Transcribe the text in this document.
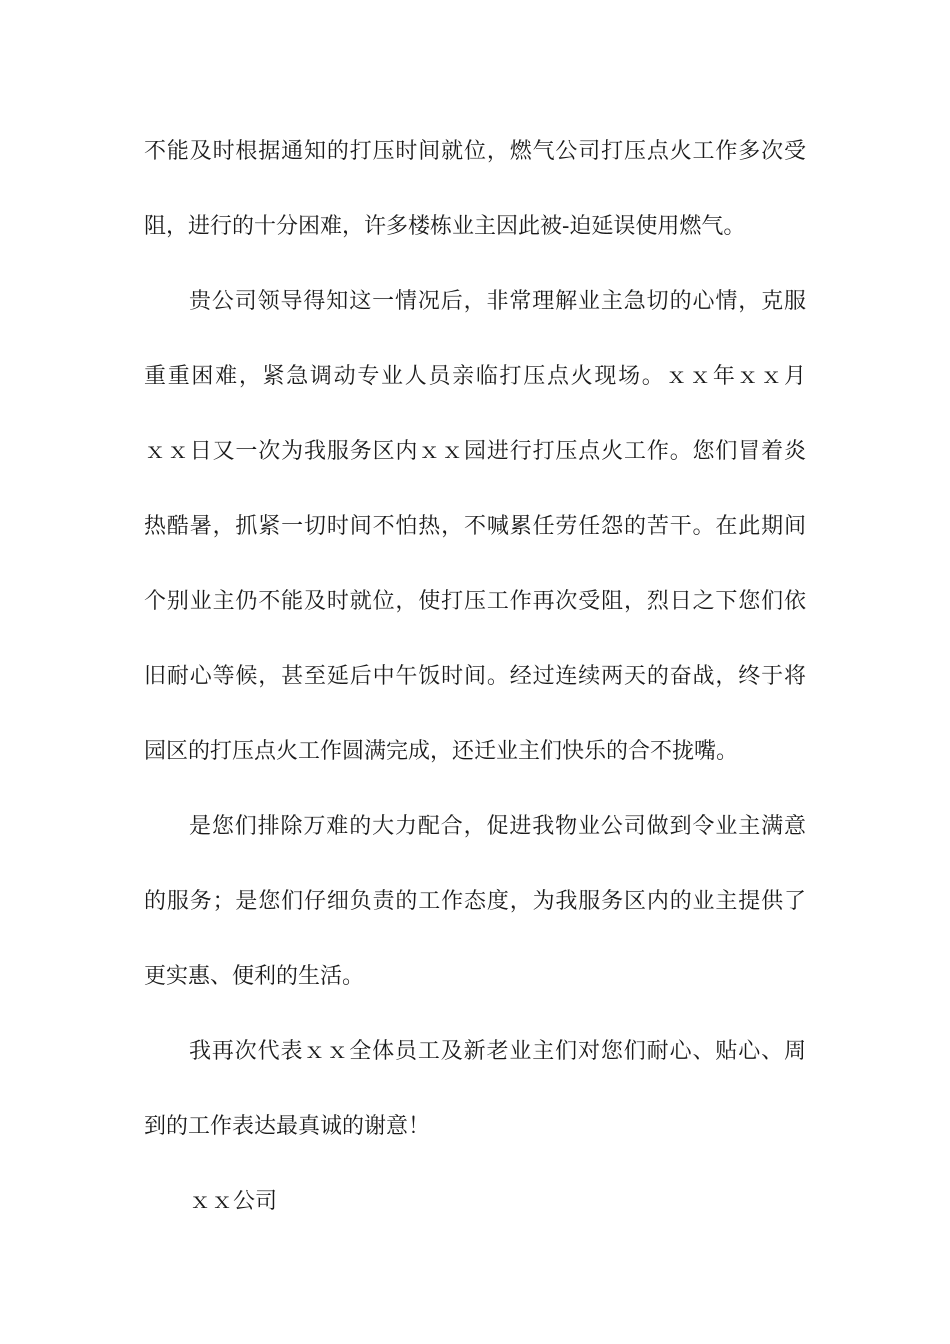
不能及时根据通知的打压时间就位，燃气公司打压点火工作多次受

阻，进行的十分困难，许多楼栋业主因此被-迫延误使用燃气。

贵公司领导得知这一情况后，非常理解业主急切的心情，克服

重重困难，紧急调动专业人员亲临打压点火现场。ｘｘ年ｘｘ月

ｘｘ日又一次为我服务区内ｘｘ园进行打压点火工作。您们冒着炎

热酷暑，抓紧一切时间不怕热，不喊累任劳任怨的苦干。在此期间

个别业主仍不能及时就位，使打压工作再次受阻，烈日之下您们依

旧耐心等候，甚至延后中午饭时间。经过连续两天的奋战，终于将

园区的打压点火工作圆满完成，还迁业主们快乐的合不拢嘴。

是您们排除万难的大力配合，促进我物业公司做到令业主满意

的服务；是您们仔细负责的工作态度，为我服务区内的业主提供了

更实惠、便利的生活。

我再次代表ｘｘ全体员工及新老业主们对您们耐心、贴心、周

到的工作表达最真诚的谢意！

ｘｘ公司
